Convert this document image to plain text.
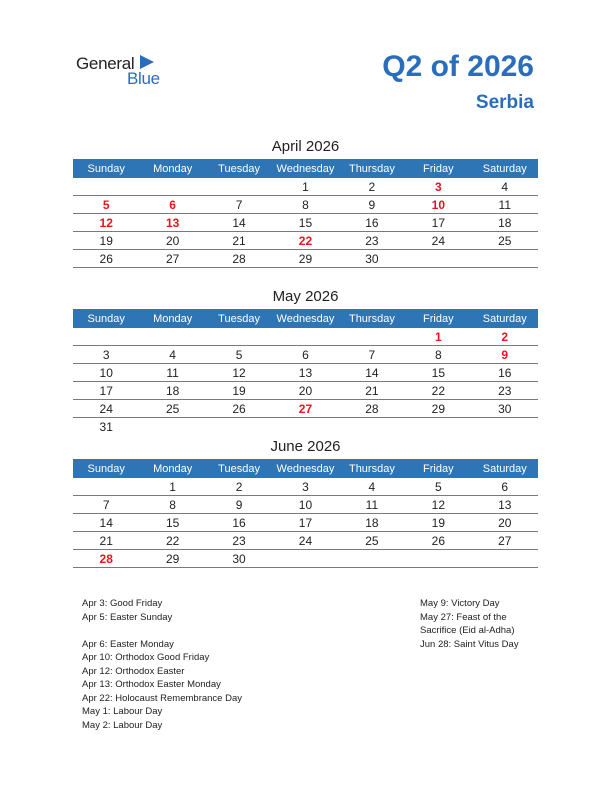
General
Blue	Q2 of 2026
Serbia
April 2026
Sunday	Monday	Tuesday	Wednesday	Thursday	Friday	Saturday
			1	2	3	4
5	6	7	8	9	10	11
12	13	14	15	16	17	18
19	20	21	22	23	24	25
26	27	28	29	30		
May 2026
Sunday	Monday	Tuesday	Wednesday	Thursday	Friday	Saturday
					1	2
3	4	5	6	7	8	9
10	11	12	13	14	15	16
17	18	19	20	21	22	23
24	25	26	27	28	29	30
31						
June 2026
Sunday	Monday	Tuesday	Wednesday	Thursday	Friday	Saturday
	1	2	3	4	5	6
7	8	9	10	11	12	13
14	15	16	17	18	19	20
21	22	23	24	25	26	27
28	29	30				
Apr 3: Good Friday
Apr 5: Easter Sunday
Apr 6: Easter Monday
Apr 10: Orthodox Good Friday
Apr 12: Orthodox Easter
Apr 13: Orthodox Easter Monday
Apr 22: Holocaust Remembrance Day
May 1: Labour Day
May 2: Labour Day
May 9: Victory Day
May 27: Feast of the
Sacrifice (Eid al-Adha)
Jun 28: Saint Vitus Day
